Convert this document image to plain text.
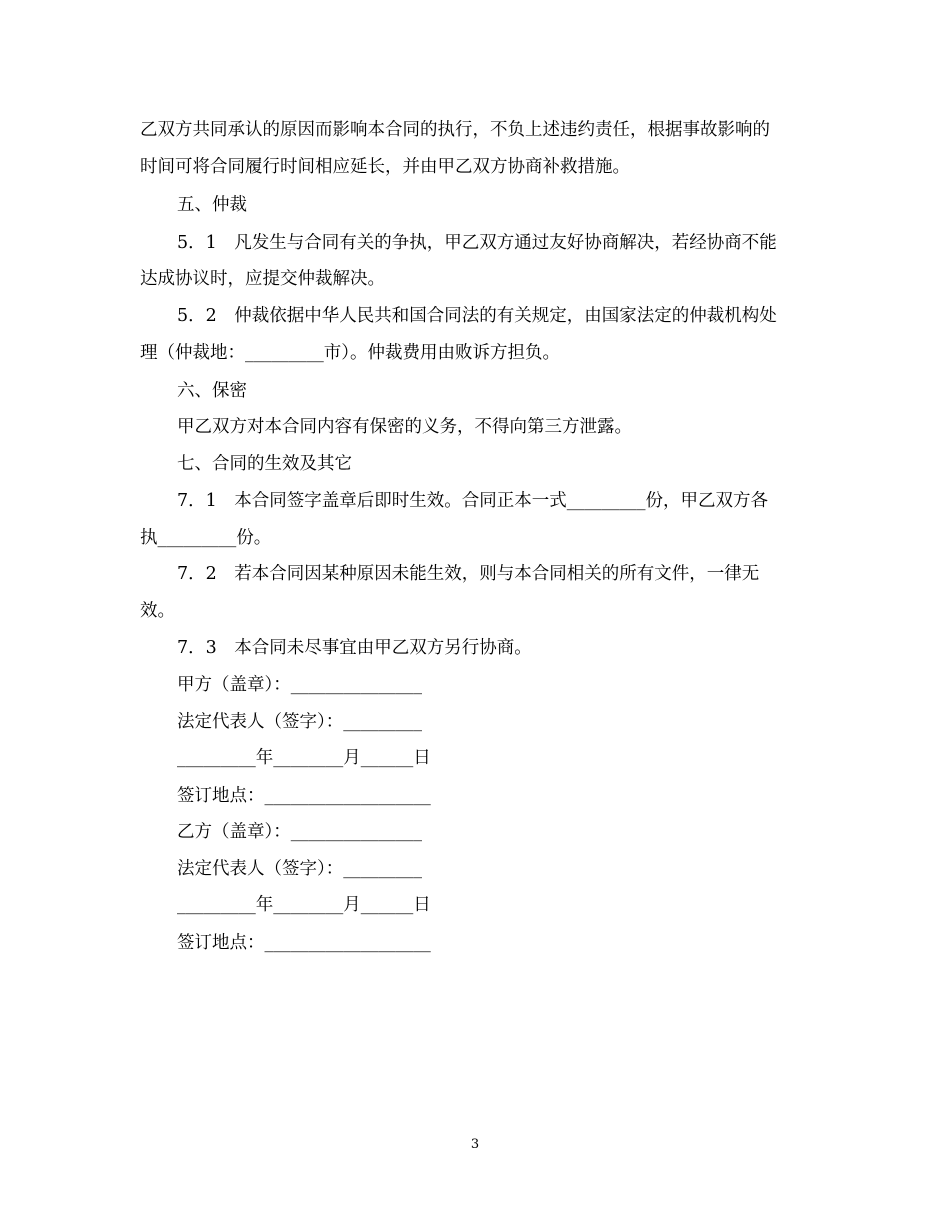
乙双方共同承认的原因而影响本合同的执行，不负上述违约责任，根据事故影响的
时间可将合同履行时间相应延长，并由甲乙双方协商补救措施。
五、仲裁
5．1　凡发生与合同有关的争执，甲乙双方通过友好协商解决，若经协商不能
达成协议时，应提交仲裁解决。
5．2　仲裁依据中华人民共和国合同法的有关规定，由国家法定的仲裁机构处
理（仲裁地：_________市）。仲裁费用由败诉方担负。
六、保密
甲乙双方对本合同内容有保密的义务，不得向第三方泄露。
七、合同的生效及其它
7．1　本合同签字盖章后即时生效。合同正本一式_________份，甲乙双方各
执_________份。
7．2　若本合同因某种原因未能生效，则与本合同相关的所有文件，一律无
效。
7．3　本合同未尽事宜由甲乙双方另行协商。
甲方（盖章）：_______________
法定代表人（签字）：_________
_________年________月______日
签订地点：___________________
乙方（盖章）：_______________
法定代表人（签字）：_________
_________年________月______日
签订地点：___________________
3
